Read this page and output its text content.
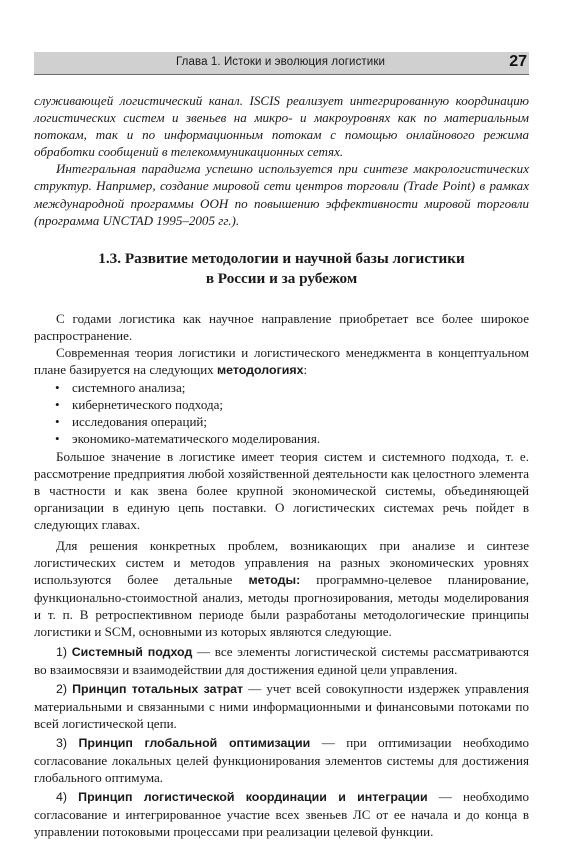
Глава 1. Истоки и эволюция логистики	27

служивающей логистический канал. ISCIS реализует интегрированную координацию логистических систем и звеньев на микро- и макроуровнях как по материальным потокам, так и по информационным потокам с помощью онлайнового режима обработки сообщений в телекоммуникационных сетях.

Интегральная парадигма успешно используется при синтезе макрологистических структур. Например, создание мировой сети центров торговли (Trade Point) в рамках международной программы ООН по повышению эффективности мировой торговли (программа UNCTAD 1995–2005 гг.).

1.3. Развитие методологии и научной базы логистики
в России и за рубежом

С годами логистика как научное направление приобретает все более широкое распространение.

Современная теория логистики и логистического менеджмента в концептуальном плане базируется на следующих методологиях:

• системного анализа;
• кибернетического подхода;
• исследования операций;
• экономико-математического моделирования.

Большое значение в логистике имеет теория систем и системного подхода, т. е. рассмотрение предприятия любой хозяйственной деятельности как целостного элемента в частности и как звена более крупной экономической системы, объединяющей организации в единую цепь поставки. О логистических системах речь пойдет в следующих главах.

Для решения конкретных проблем, возникающих при анализе и синтезе логистических систем и методов управления на разных экономических уровнях используются более детальные методы: программно-целевое планирование, функционально-стоимостной анализ, методы прогнозирования, методы моделирования и т. п. В ретроспективном периоде были разработаны методологические принципы логистики и SCM, основными из которых являются следующие.

1) Системный подход — все элементы логистической системы рассматриваются во взаимосвязи и взаимодействии для достижения единой цели управления.

2) Принцип тотальных затрат — учет всей совокупности издержек управления материальными и связанными с ними информационными и финансовыми потоками по всей логистической цепи.

3) Принцип глобальной оптимизации — при оптимизации необходимо согласование локальных целей функционирования элементов системы для достижения глобального оптимума.

4) Принцип логистической координации и интеграции — необходимо согласование и интегрированное участие всех звеньев ЛС от ее начала и до конца в управлении потоковыми процессами при реализации целевой функции.
